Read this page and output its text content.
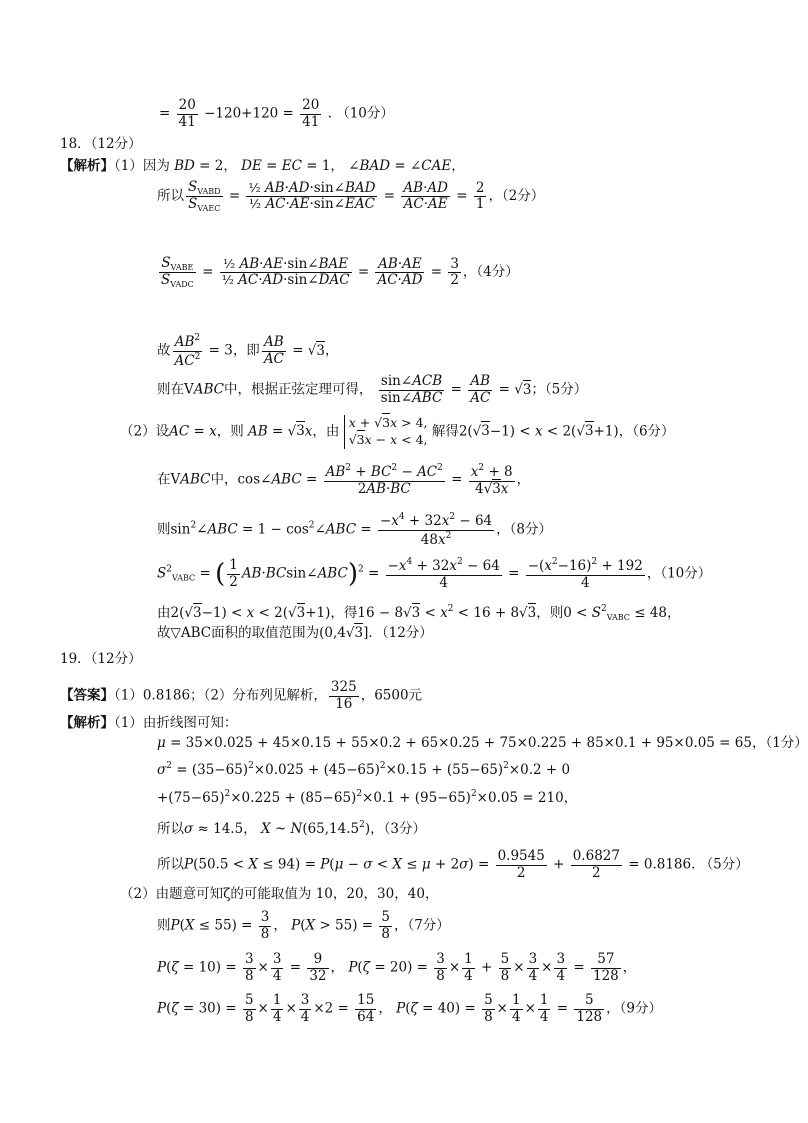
= $\frac{20}{41} -120+120 = \frac{20}{41}$ . （10分）
18．（12分）
【解析】（1）因为 BD = 2， DE = EC = 1， ∠BAD = ∠CAE，
所以 $\frac{S_{VABD}}{S_{VAEC}} = \frac{\text{½ AB·AD·sin∠BAD}}{\text{½ AC·AE·sin∠EAC}} = \frac{AB\cdot AD}{AC\cdot AE} = \frac{2}{1}$ ，（2分）
$\frac{S_{VABE}}{S_{VADC}} = \frac{\text{½ AB·AE·sin∠BAE}}{\text{½ AC·AD·sin∠DAC}} = \frac{AB\cdot AE}{AC\cdot AD} = \frac{3}{2}$ ，（4分）
故 $\frac{AB^2}{AC^2} = 3$，即 $\frac{AB}{AC} = √3$，
则在VABC中，根据正弦定理可得， $\frac{\text{sin∠ACB}}{\text{sin∠ABC}} = \frac{AB}{AC} = √3$；（5分）
（2）设AC = x，则 AB = √3x，由 x + √3x > 4,
√3x − x < 4, 解得2(√3−1) < x < 2(√3+1)，（6分）
在VABC中，cos∠ABC = $\frac{AB^2 + BC^2 - AC^2}{2AB\cdot BC} = \frac{x^2 + 8}{4√3x}$ ，
则$\sin^2\angle ABC = 1$ − $\cos^2\angle ABC = \frac{-x^4 + 32x^2 - 64}{48x^2}$ ，（8分）
$S^2_{VABC}$ = ( $\frac{1}{2}$ AB·BCsin∠ABC)$^2$ = $\frac{-x^4 + 32x^2 - 64}{4} = \frac{-(x^2-16)^2 + 192}{4}$ ，（10分）
由2(√3−1) < x < 2(√3+1)，得$16 - 8√3 < x^2 < 16 + 8√3$，则$0 < S^2_{VABC} \le 48$，
故▽ABC面积的取值范围为(0,4√3]．（12分）
19．（12分）
【答案】（1）0.8186；（2）分布列见解析， $\frac{325}{16}$ ，6500元
【解析】（1）由折线图可知：
μ = 35×0.025 + 45×0.15 + 55×0.2 + 65×0.25 + 75×0.225 + 85×0.1 + 95×0.05 = 65，（1分）
$\sigma^2 = (35-65)^2\times 0.025 + (45-65)^2\times 0.15 + (55-65)^2\times 0.2 + 0$
$+(75-65)^2\times 0.225 + (85-65)^2\times 0.1 + (95-65)^2\times 0.05 = 210$，
所以σ ≈ 14.5， X ~ N(65,14.5$^2$)，（3分）
所以$P(50.5 < X \le 94) = P(\mu - \sigma < X \le \mu + 2\sigma) = \frac{0.9545}{2} + \frac{0.6827}{2} = 0.8186$. （5分）
（2）由题意可知ζ的可能取值为 10，20，30，40，
则$P(X \le 55) = \frac{3}{8}$ ， $P(X > 55) = \frac{5}{8}$ ，（7分）
$P(\zeta = 10) = \frac{3}{8} \times \frac{3}{4} = \frac{9}{32}$ ， $P(\zeta = 20) = \frac{3}{8} \times \frac{1}{4} + \frac{5}{8} \times \frac{3}{4} \times \frac{3}{4} = \frac{57}{128}$ ，
$P(\zeta = 30) = \frac{5}{8} \times \frac{1}{4} \times \frac{3}{4} \times 2 = \frac{15}{64}$ ， $P(\zeta = 40) = \frac{5}{8} \times \frac{1}{4} \times \frac{1}{4} = \frac{5}{128}$ ，（9分）
